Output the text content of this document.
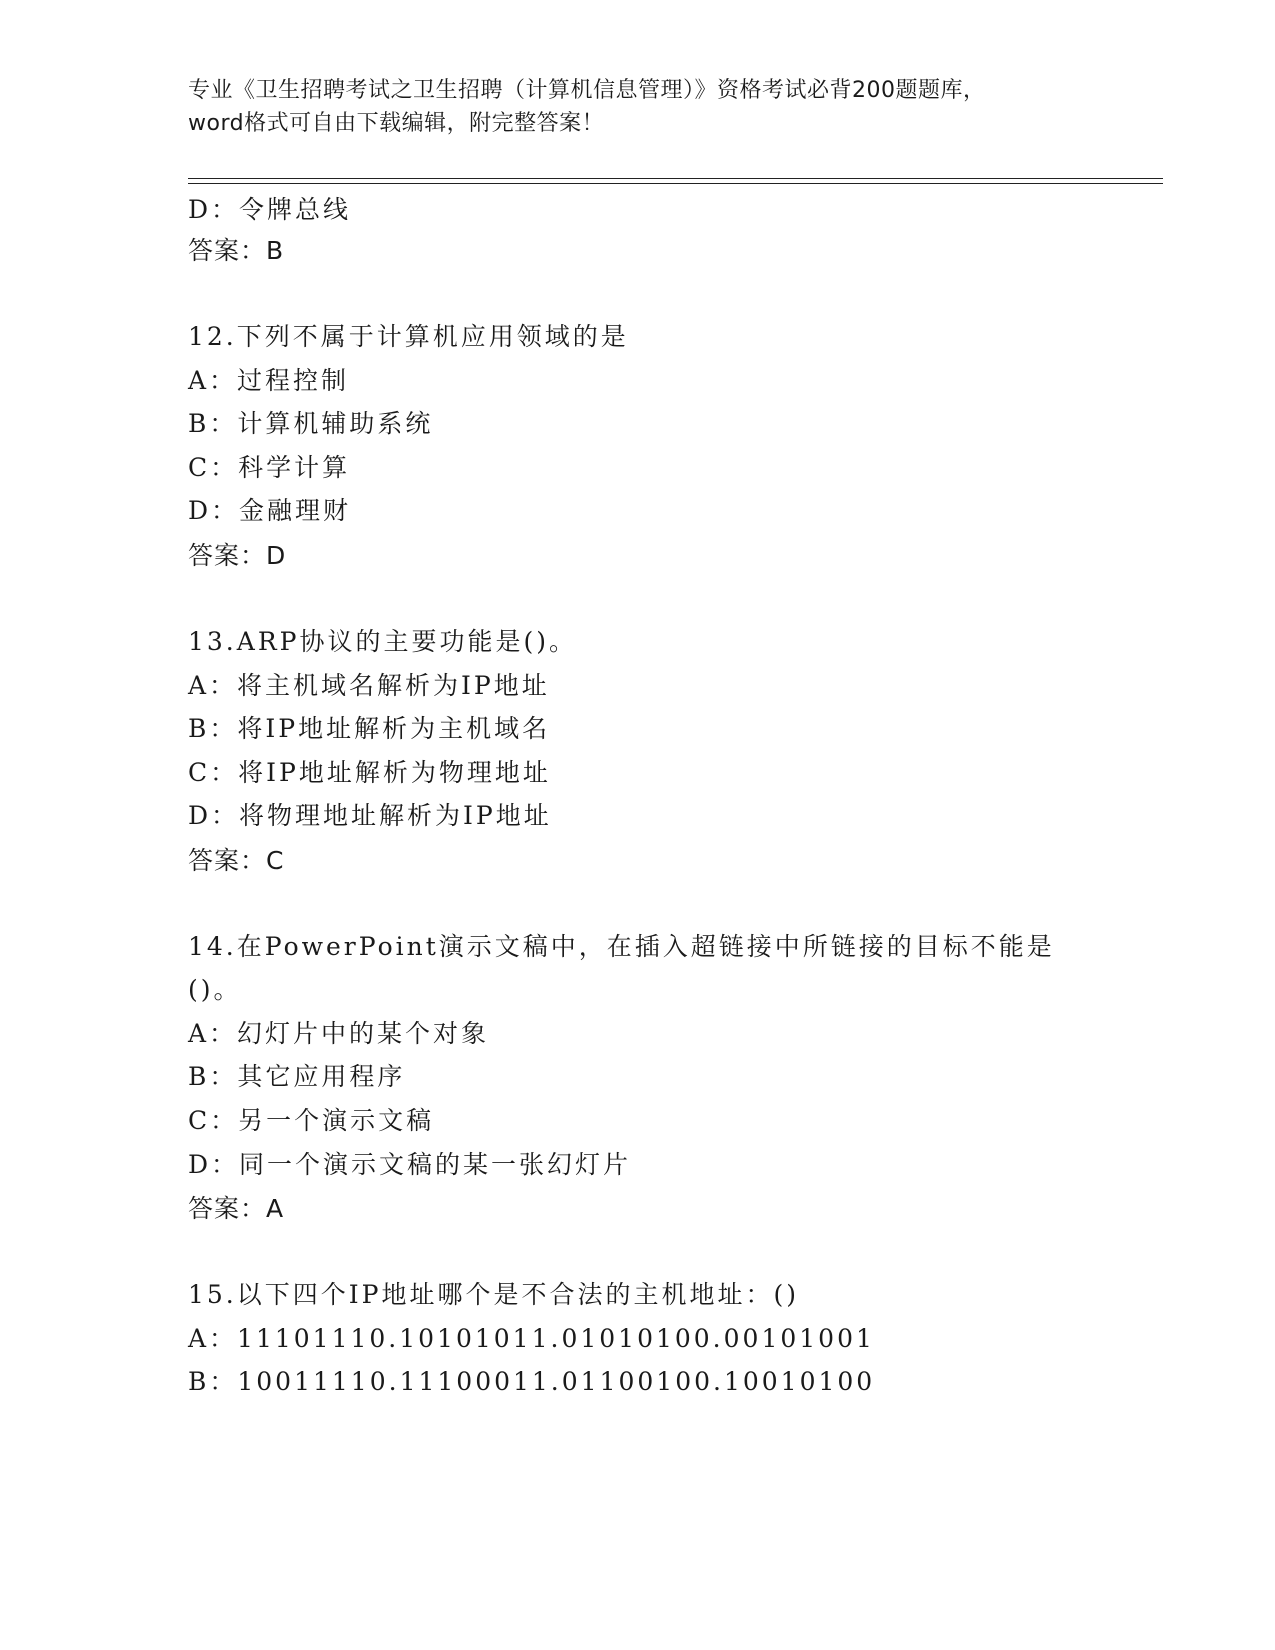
专业《卫生招聘考试之卫生招聘（计算机信息管理）》资格考试必背200题题库，
word格式可自由下载编辑，附完整答案！
D：令牌总线
答案：B
12.下列不属于计算机应用领域的是
A：过程控制
B：计算机辅助系统
C：科学计算
D：金融理财
答案：D
13.ARP协议的主要功能是()。
A：将主机域名解析为IP地址
B：将IP地址解析为主机域名
C：将IP地址解析为物理地址
D：将物理地址解析为IP地址
答案：C
14.在PowerPoint演示文稿中，在插入超链接中所链接的目标不能是
()。
A：幻灯片中的某个对象
B：其它应用程序
C：另一个演示文稿
D：同一个演示文稿的某一张幻灯片
答案：A
15.以下四个IP地址哪个是不合法的主机地址：()
A：11101110.10101011.01010100.00101001
B：10011110.11100011.01100100.10010100
